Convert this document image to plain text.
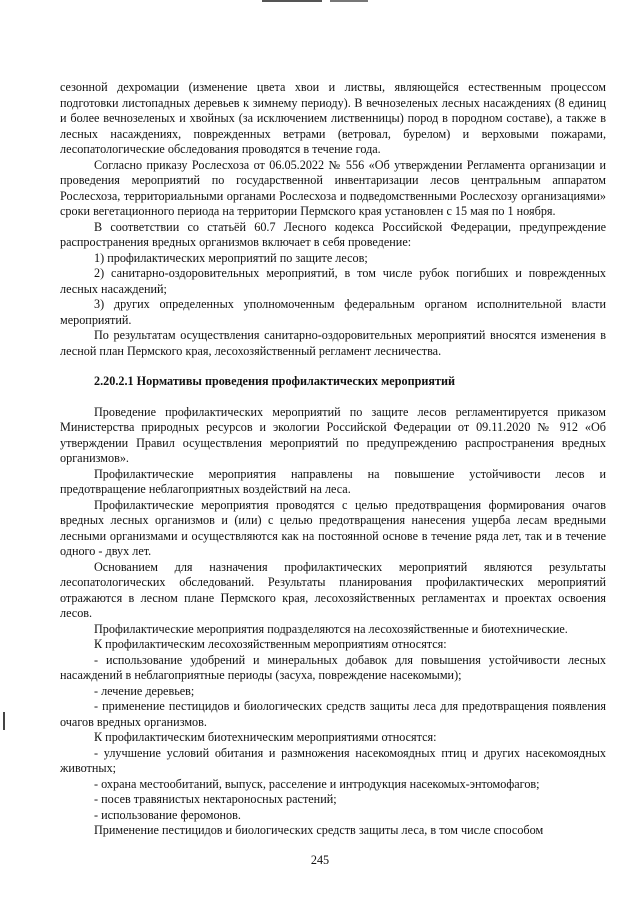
сезонной дехромации (изменение цвета хвои и листвы, являющейся естественным процессом подготовки листопадных деревьев к зимнему периоду). В вечнозеленых лесных насаждениях (8 единиц и более вечнозеленых и хвойных (за исключением лиственницы) пород в породном составе), а также в лесных насаждениях, поврежденных ветрами (ветровал, бурелом) и верховыми пожарами, лесопатологические обследования проводятся в течение года.

Согласно приказу Рослесхоза от 06.05.2022 № 556 «Об утверждении Регламента организации и проведения мероприятий по государственной инвентаризации лесов центральным аппаратом Рослесхоза, территориальными органами Рослесхоза и подведомственными Рослесхозу организациями» сроки вегетационного периода на территории Пермского края установлен с 15 мая по 1 ноября.

В соответствии со статьёй 60.7 Лесного кодекса Российской Федерации, предупреждение распространения вредных организмов включает в себя проведение:

1) профилактических мероприятий по защите лесов;

2) санитарно-оздоровительных мероприятий, в том числе рубок погибших и поврежденных лесных насаждений;

3) других определенных уполномоченным федеральным органом исполнительной власти мероприятий.

По результатам осуществления санитарно-оздоровительных мероприятий вносятся изменения в лесной план Пермского края, лесохозяйственный регламент лесничества.

2.20.2.1 Нормативы проведения профилактических мероприятий

Проведение профилактических мероприятий по защите лесов регламентируется приказом Министерства природных ресурсов и экологии Российской Федерации от 09.11.2020 № 912 «Об утверждении Правил осуществления мероприятий по предупреждению распространения вредных организмов».

Профилактические мероприятия направлены на повышение устойчивости лесов и предотвращение неблагоприятных воздействий на леса.

Профилактические мероприятия проводятся с целью предотвращения формирования очагов вредных лесных организмов и (или) с целью предотвращения нанесения ущерба лесам вредными лесными организмами и осуществляются как на постоянной основе в течение ряда лет, так и в течение одного - двух лет.

Основанием для назначения профилактических мероприятий являются результаты лесопатологических обследований. Результаты планирования профилактических мероприятий отражаются в лесном плане Пермского края, лесохозяйственных регламентах и проектах освоения лесов.

Профилактические мероприятия подразделяются на лесохозяйственные и биотехнические.

К профилактическим лесохозяйственным мероприятиям относятся:

- использование удобрений и минеральных добавок для повышения устойчивости лесных насаждений в неблагоприятные периоды (засуха, повреждение насекомыми);

- лечение деревьев;

- применение пестицидов и биологических средств защиты леса для предотвращения появления очагов вредных организмов.

К профилактическим биотехническим мероприятиями относятся:

- улучшение условий обитания и размножения насекомоядных птиц и других насекомоядных животных;

- охрана местообитаний, выпуск, расселение и интродукция насекомых-энтомофагов;

- посев травянистых нектароносных растений;

- использование феромонов.

Применение пестицидов и биологических средств защиты леса, в том числе способом

245
